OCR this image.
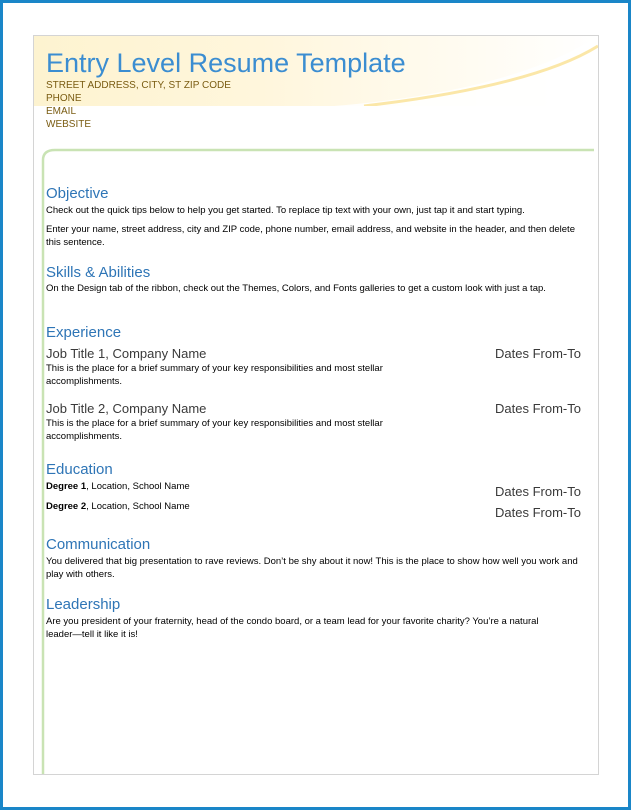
Entry Level Resume Template
STREET ADDRESS, CITY, ST ZIP CODE
PHONE
EMAIL
WEBSITE
Objective
Check out the quick tips below to help you get started. To replace tip text with your own, just tap it and start typing.
Enter your name, street address, city and ZIP code, phone number, email address, and website in the header, and then delete this sentence.
Skills & Abilities
On the Design tab of the ribbon, check out the Themes, Colors, and Fonts galleries to get a custom look with just a tap.
Experience
Job Title 1, Company Name	Dates From-To
This is the place for a brief summary of your key responsibilities and most stellar accomplishments.
Job Title 2, Company Name	Dates From-To
This is the place for a brief summary of your key responsibilities and most stellar accomplishments.
Education
Degree 1, Location, School Name	Dates From-To
Degree 2, Location, School Name	Dates From-To
Communication
You delivered that big presentation to rave reviews. Don’t be shy about it now! This is the place to show how well you work and play with others.
Leadership
Are you president of your fraternity, head of the condo board, or a team lead for your favorite charity? You’re a natural leader—tell it like it is!
